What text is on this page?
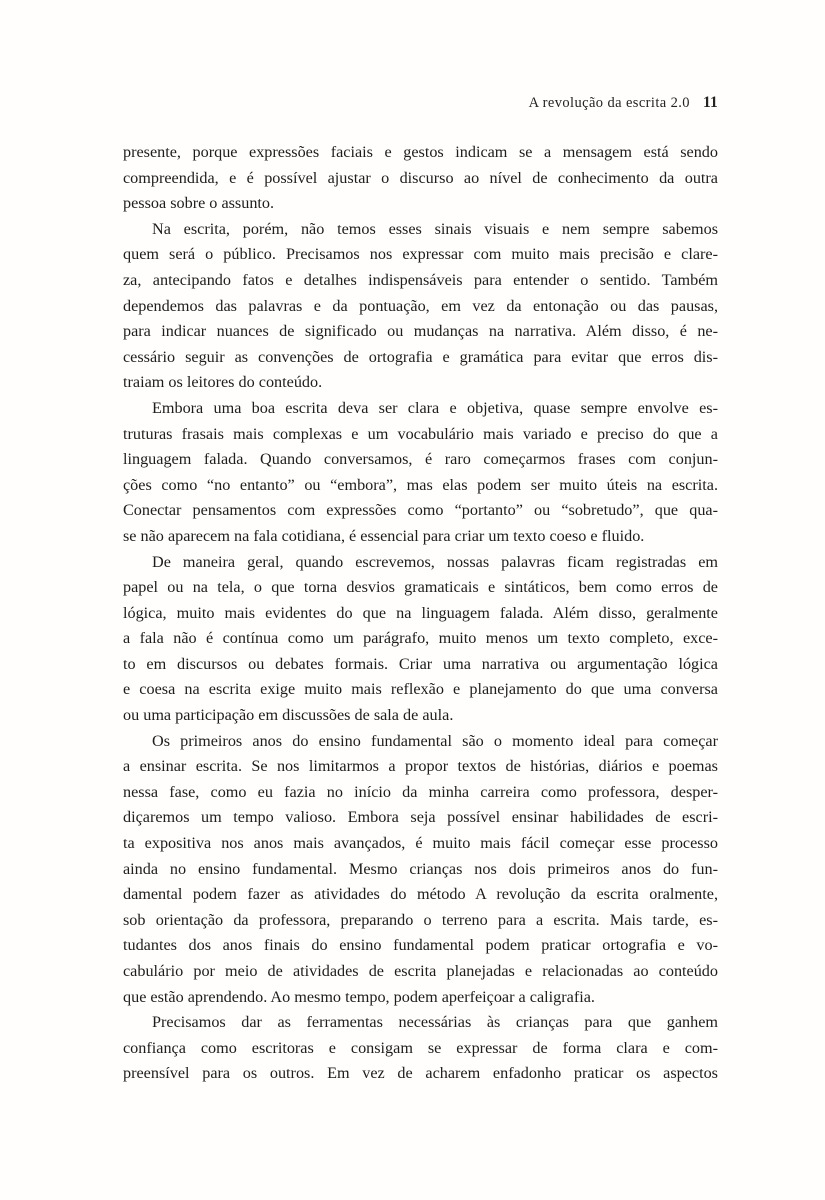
A revolução da escrita 2.0 11
presente, porque expressões faciais e gestos indicam se a mensagem está sendo
compreendida, e é possível ajustar o discurso ao nível de conhecimento da outra
pessoa sobre o assunto.
Na escrita, porém, não temos esses sinais visuais e nem sempre sabemos
quem será o público. Precisamos nos expressar com muito mais precisão e clare-
za, antecipando fatos e detalhes indispensáveis para entender o sentido. Também
dependemos das palavras e da pontuação, em vez da entonação ou das pausas,
para indicar nuances de significado ou mudanças na narrativa. Além disso, é ne-
cessário seguir as convenções de ortografia e gramática para evitar que erros dis-
traiam os leitores do conteúdo.
Embora uma boa escrita deva ser clara e objetiva, quase sempre envolve es-
truturas frasais mais complexas e um vocabulário mais variado e preciso do que a
linguagem falada. Quando conversamos, é raro começarmos frases com conjun-
ções como “no entanto” ou “embora”, mas elas podem ser muito úteis na escrita.
Conectar pensamentos com expressões como “portanto” ou “sobretudo”, que qua-
se não aparecem na fala cotidiana, é essencial para criar um texto coeso e fluido.
De maneira geral, quando escrevemos, nossas palavras ficam registradas em
papel ou na tela, o que torna desvios gramaticais e sintáticos, bem como erros de
lógica, muito mais evidentes do que na linguagem falada. Além disso, geralmente
a fala não é contínua como um parágrafo, muito menos um texto completo, exce-
to em discursos ou debates formais. Criar uma narrativa ou argumentação lógica
e coesa na escrita exige muito mais reflexão e planejamento do que uma conversa
ou uma participação em discussões de sala de aula.
Os primeiros anos do ensino fundamental são o momento ideal para começar
a ensinar escrita. Se nos limitarmos a propor textos de histórias, diários e poemas
nessa fase, como eu fazia no início da minha carreira como professora, desper-
diçaremos um tempo valioso. Embora seja possível ensinar habilidades de escri-
ta expositiva nos anos mais avançados, é muito mais fácil começar esse processo
ainda no ensino fundamental. Mesmo crianças nos dois primeiros anos do fun-
damental podem fazer as atividades do método A revolução da escrita oralmente,
sob orientação da professora, preparando o terreno para a escrita. Mais tarde, es-
tudantes dos anos finais do ensino fundamental podem praticar ortografia e vo-
cabulário por meio de atividades de escrita planejadas e relacionadas ao conteúdo
que estão aprendendo. Ao mesmo tempo, podem aperfeiçoar a caligrafia.
Precisamos dar as ferramentas necessárias às crianças para que ganhem
confiança como escritoras e consigam se expressar de forma clara e com-
preensível para os outros. Em vez de acharem enfadonho praticar os aspectos
